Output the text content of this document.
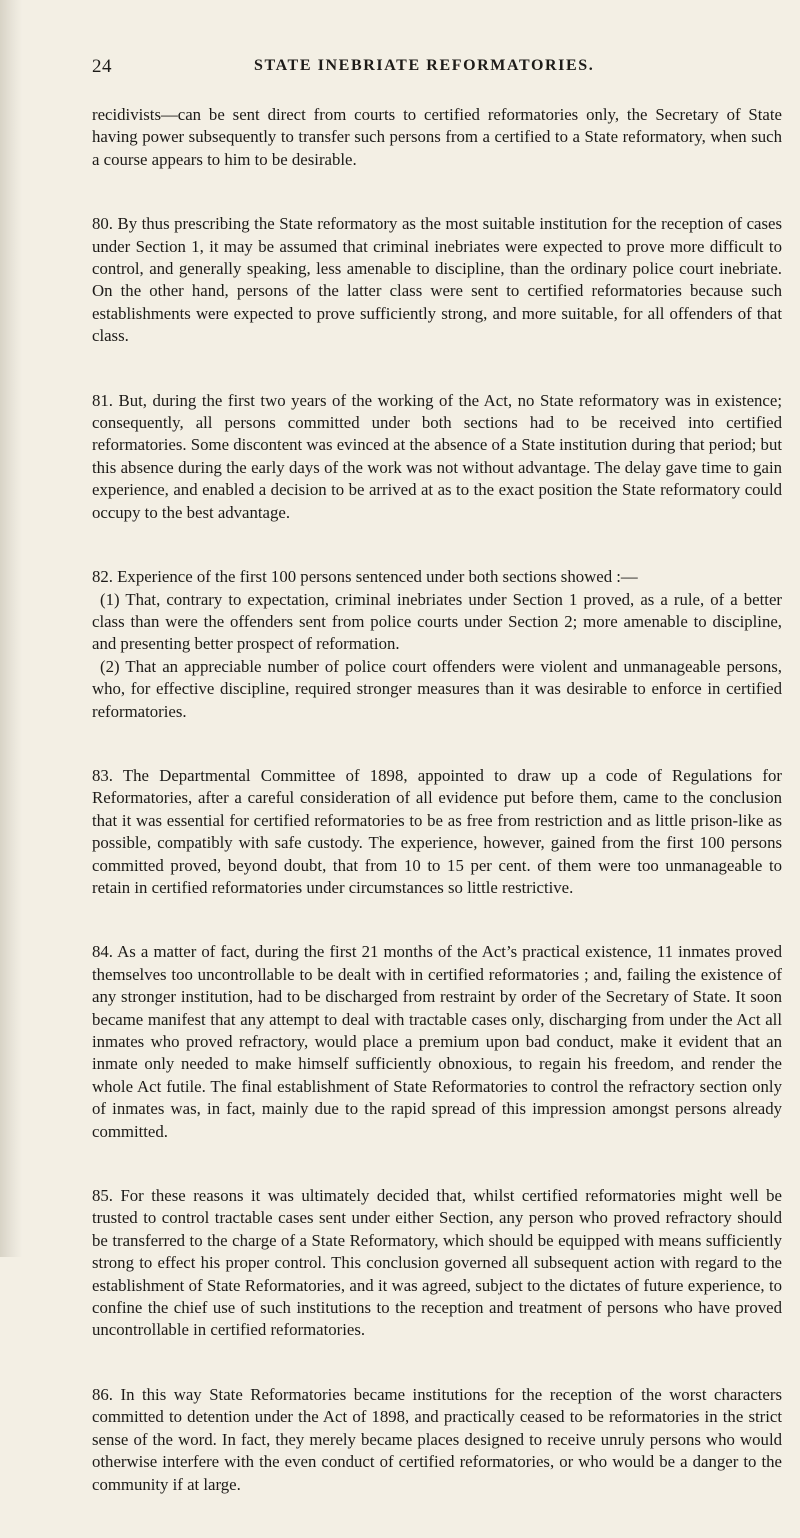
24	STATE INEBRIATE REFORMATORIES.

recidivists—can be sent direct from courts to certified reformatories only, the Secretary of State having power subsequently to transfer such persons from a certified to a State reformatory, when such a course appears to him to be desirable.

80. By thus prescribing the State reformatory as the most suitable institution for the reception of cases under Section 1, it may be assumed that criminal inebriates were expected to prove more difficult to control, and generally speaking, less amenable to discipline, than the ordinary police court inebriate. On the other hand, persons of the latter class were sent to certified reformatories because such establishments were expected to prove sufficiently strong, and more suitable, for all offenders of that class.

81. But, during the first two years of the working of the Act, no State reformatory was in existence; consequently, all persons committed under both sections had to be received into certified reformatories. Some discontent was evinced at the absence of a State institution during that period; but this absence during the early days of the work was not without advantage. The delay gave time to gain experience, and enabled a decision to be arrived at as to the exact position the State reformatory could occupy to the best advantage.

82. Experience of the first 100 persons sentenced under both sections showed :—

(1) That, contrary to expectation, criminal inebriates under Section 1 proved, as a rule, of a better class than were the offenders sent from police courts under Section 2; more amenable to discipline, and presenting better prospect of reformation.

(2) That an appreciable number of police court offenders were violent and unmanageable persons, who, for effective discipline, required stronger measures than it was desirable to enforce in certified reformatories.

83. The Departmental Committee of 1898, appointed to draw up a code of Regulations for Reformatories, after a careful consideration of all evidence put before them, came to the conclusion that it was essential for certified reformatories to be as free from restriction and as little prison-like as possible, compatibly with safe custody. The experience, however, gained from the first 100 persons committed proved, beyond doubt, that from 10 to 15 per cent. of them were too unmanageable to retain in certified reformatories under circumstances so little restrictive.

84. As a matter of fact, during the first 21 months of the Act’s practical existence, 11 inmates proved themselves too uncontrollable to be dealt with in certified reformatories ; and, failing the existence of any stronger institution, had to be discharged from restraint by order of the Secretary of State. It soon became manifest that any attempt to deal with tractable cases only, discharging from under the Act all inmates who proved refractory, would place a premium upon bad conduct, make it evident that an inmate only needed to make himself sufficiently obnoxious, to regain his freedom, and render the whole Act futile. The final establishment of State Reformatories to control the refractory section only of inmates was, in fact, mainly due to the rapid spread of this impression amongst persons already committed.

85. For these reasons it was ultimately decided that, whilst certified reformatories might well be trusted to control tractable cases sent under either Section, any person who proved refractory should be transferred to the charge of a State Reformatory, which should be equipped with means sufficiently strong to effect his proper control. This conclusion governed all subsequent action with regard to the establishment of State Reformatories, and it was agreed, subject to the dictates of future experience, to confine the chief use of such institutions to the reception and treatment of persons who have proved uncontrollable in certified reformatories.

86. In this way State Reformatories became institutions for the reception of the worst characters committed to detention under the Act of 1898, and practically ceased to be reformatories in the strict sense of the word. In fact, they merely became places designed to receive unruly persons who would otherwise interfere with the even conduct of certified reformatories, or who would be a danger to the community if at large.
